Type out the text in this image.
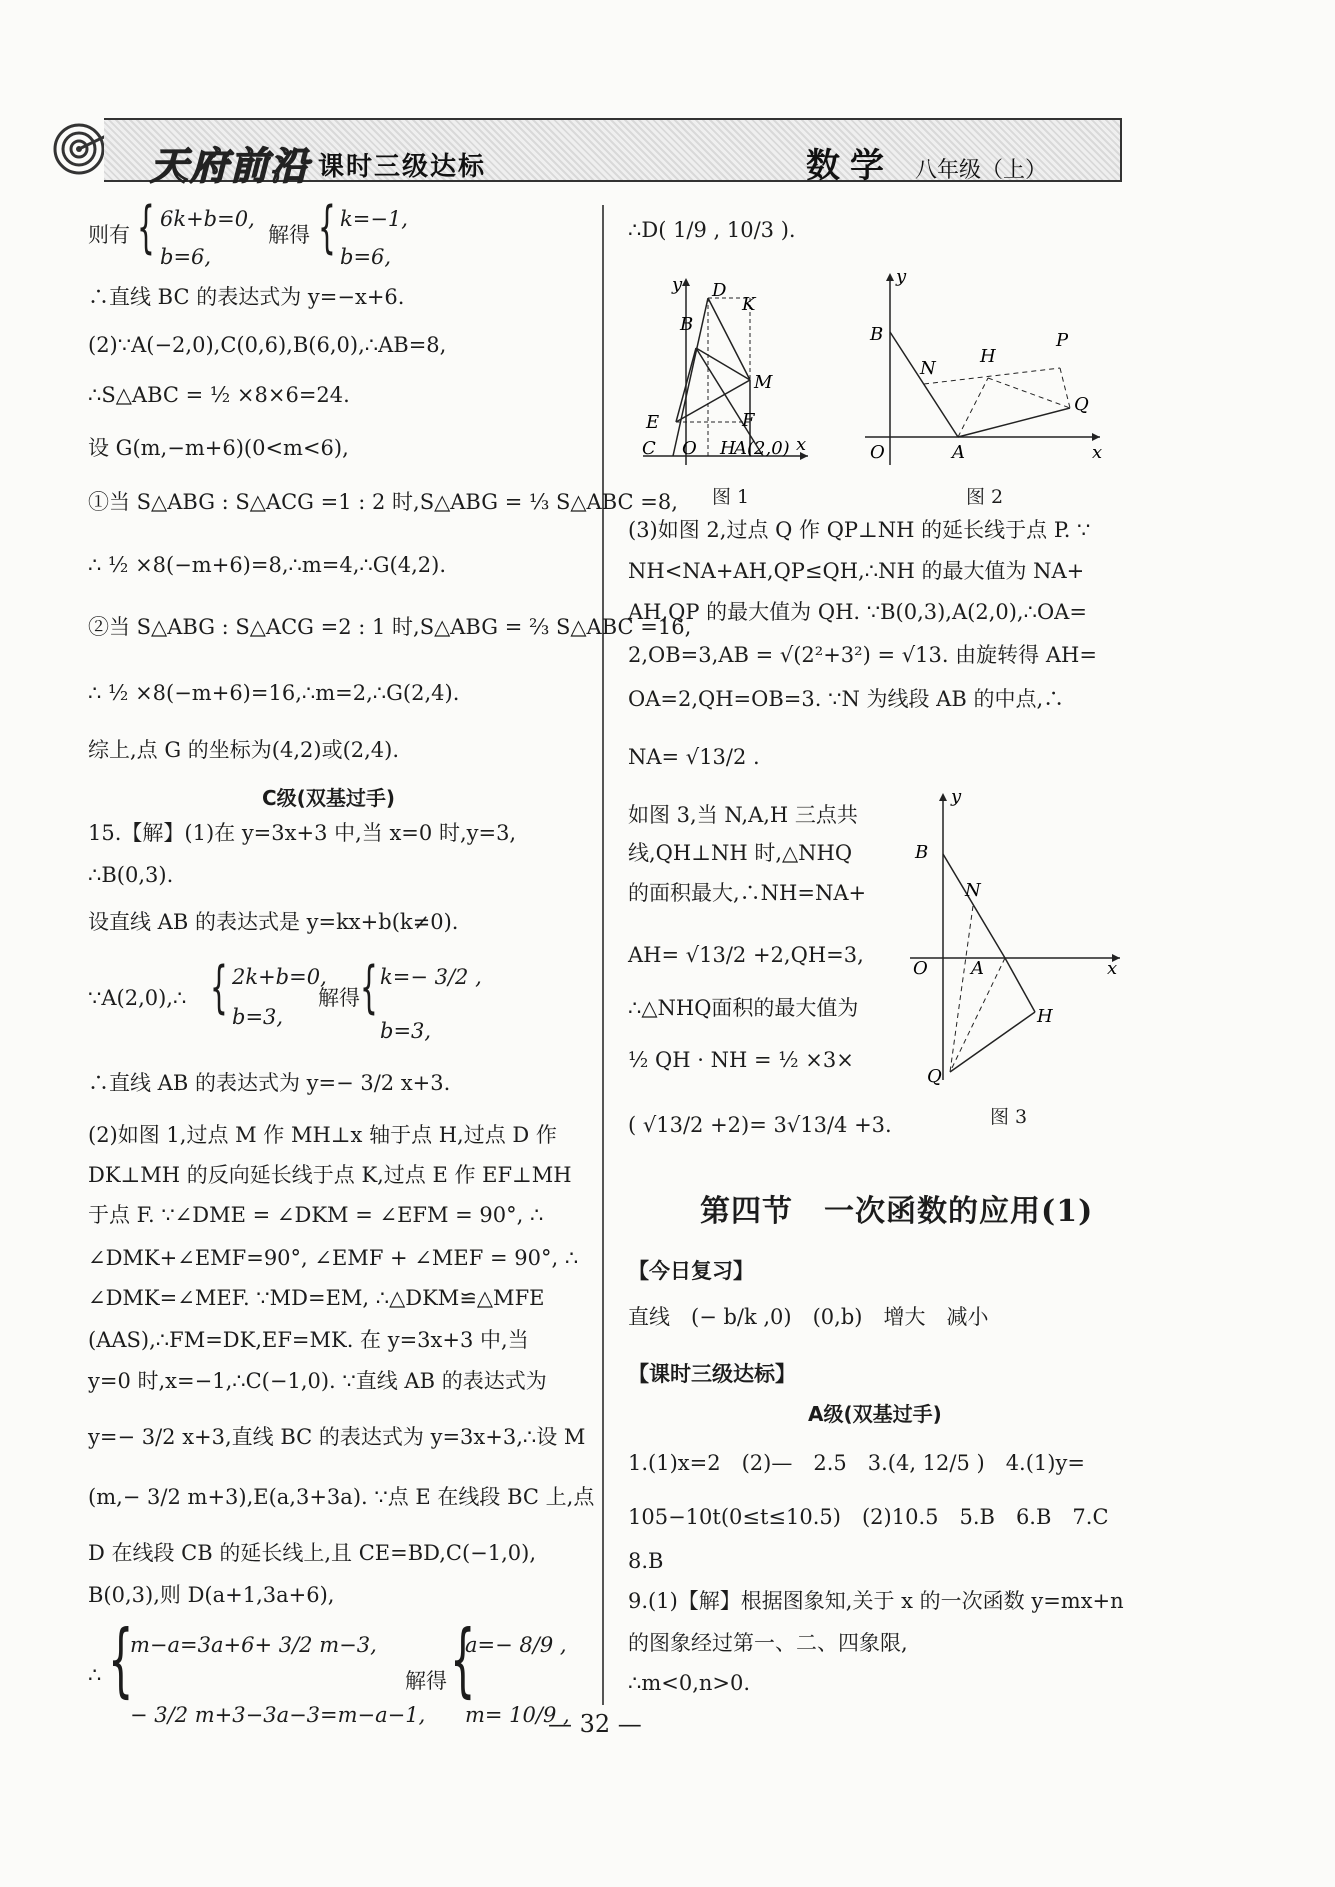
天府前沿 课时三级达标	数学 八年级（上）
则有 { 6k+b=0,
b=6,
解得 { k=−1,
b=6,
∴直线 BC 的表达式为 y=−x+6.
(2)∵A(−2,0),C(0,6),B(6,0),∴AB=8,
∴S△ABC = ½ ×8×6=24.
设 G(m,−m+6)(0<m<6),
①当 S△ABG : S△ACG =1 : 2 时,S△ABG = ⅓ S△ABC =8,
∴ ½ ×8(−m+6)=8,∴m=4,∴G(4,2).
②当 S△ABG : S△ACG =2 : 1 时,S△ABG = ⅔ S△ABC =16,
∴ ½ ×8(−m+6)=16,∴m=2,∴G(2,4).
综上,点 G 的坐标为(4,2)或(2,4).
C级(双基过手)
15.【解】(1)在 y=3x+3 中,当 x=0 时,y=3,
∴B(0,3).
设直线 AB 的表达式是 y=kx+b(k≠0).
∵A(2,0),∴ { 2k+b=0,
b=3,
解得 { k=− 3/2 ,
b=3,
∴直线 AB 的表达式为 y=− 3/2 x+3.
(2)如图 1,过点 M 作 MH⊥x 轴于点 H,过点 D 作
DK⊥MH 的反向延长线于点 K,过点 E 作 EF⊥MH
于点 F. ∵∠DME = ∠DKM = ∠EFM = 90°, ∴
∠DMK+∠EMF=90°, ∠EMF + ∠MEF = 90°, ∴
∠DMK=∠MEF. ∵MD=EM, ∴△DKM≌△MFE
(AAS),∴FM=DK,EF=MK. 在 y=3x+3 中,当
y=0 时,x=−1,∴C(−1,0). ∵直线 AB 的表达式为
y=− 3/2 x+3,直线 BC 的表达式为 y=3x+3,∴设 M
(m,− 3/2 m+3),E(a,3+3a). ∵点 E 在线段 BC 上,点
D 在线段 CB 的延长线上,且 CE=BD,C(−1,0),
B(0,3),则 D(a+1,3a+6),
∴ {
m−a=3a+6+ 3/2 m−3,
− 3/2 m+3−3a−3=m−a−1,
解得 {
a=− 8/9 ,
m= 10/9 ,
∴D( 1/9 , 10/3 ).
y D
K
B
M
E	F
C O H
A(2,0) x
y
B
N
H
P
Q
O	A	x
图 1	图 2
(3)如图 2,过点 Q 作 QP⊥NH 的延长线于点 P. ∵
NH<NA+AH,QP≤QH,∴NH 的最大值为 NA+
AH,QP 的最大值为 QH. ∵B(0,3),A(2,0),∴OA=
2,OB=3,AB = √(2²+3²) = √13. 由旋转得 AH=
OA=2,QH=OB=3. ∵N 为线段 AB 的中点,∴
NA= √13/2 .
如图 3,当 N,A,H 三点共
线,QH⊥NH 时,△NHQ
的面积最大,∴NH=NA+
AH= √13/2 +2,QH=3,
∴△NHQ面积的最大值为
½ QH · NH = ½ ×3×
( √13/2 +2)= 3√13/4 +3.
y
B
N
O A	x
H
Q
图 3
第四节　一次函数的应用(1)
【今日复习】
直线　(− b/k ,0)　(0,b)　增大　减小
【课时三级达标】
A级(双基过手)
1.(1)x=2　(2)—　2.5　3.(4, 12/5 )　4.(1)y=
105−10t(0≤t≤10.5)　(2)10.5　5.B　6.B　7.C
8.B
9.(1)【解】根据图象知,关于 x 的一次函数 y=mx+n
的图象经过第一、二、四象限,
∴m<0,n>0.
— 32 —
